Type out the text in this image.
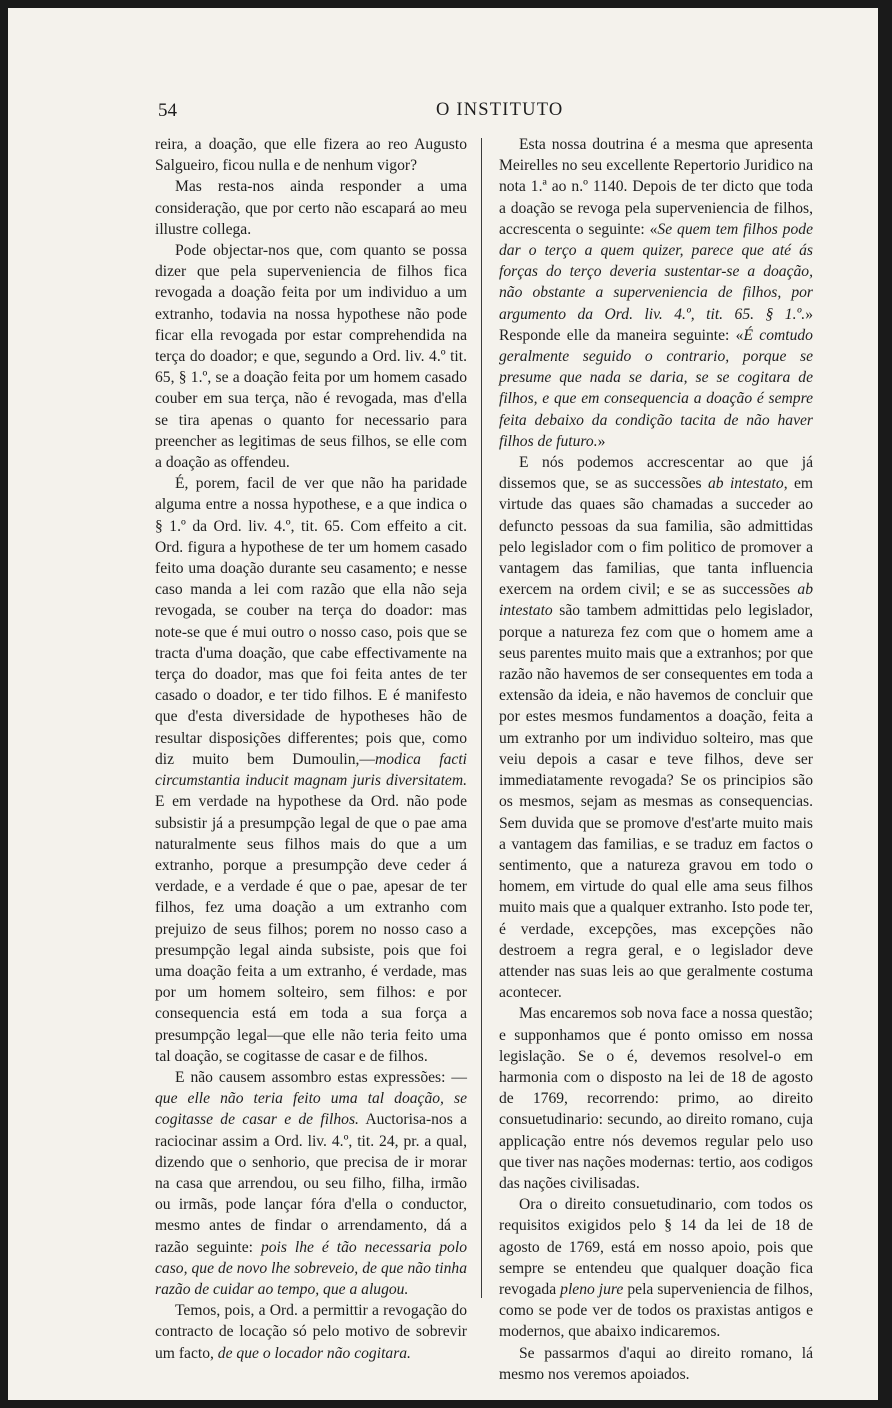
54	O INSTITUTO

reira, a doação, que elle fizera ao reo Augusto Salgueiro, ficou nulla e de nenhum vigor?

Mas resta-nos ainda responder a uma consideração, que por certo não escapará ao meu illustre collega.

Pode objectar-nos que, com quanto se possa dizer que pela superveniencia de filhos fica revogada a doação feita por um individuo a um extranho, todavia na nossa hypothese não pode ficar ella revogada por estar comprehendida na terça do doador; e que, segundo a Ord. liv. 4.º tit. 65, § 1.º, se a doação feita por um homem casado couber em sua terça, não é revogada, mas d'ella se tira apenas o quanto for necessario para preencher as legitimas de seus filhos, se elle com a doação as offendeu.

É, porem, facil de ver que não ha paridade alguma entre a nossa hypothese, e a que indica o § 1.º da Ord. liv. 4.º, tit. 65. Com effeito a cit. Ord. figura a hypothese de ter um homem casado feito uma doação durante seu casamento; e nesse caso manda a lei com razão que ella não seja revogada, se couber na terça do doador: mas note-se que é mui outro o nosso caso, pois que se tracta d'uma doação, que cabe effectivamente na terça do doador, mas que foi feita antes de ter casado o doador, e ter tido filhos. E é manifesto que d'esta diversidade de hypotheses hão de resultar disposições differentes; pois que, como diz muito bem Dumoulin,—modica facti circumstantia inducit magnam juris diversitatem. E em verdade na hypothese da Ord. não pode subsistir já a presumpção legal de que o pae ama naturalmente seus filhos mais do que a um extranho, porque a presumpção deve ceder á verdade, e a verdade é que o pae, apesar de ter filhos, fez uma doação a um extranho com prejuizo de seus filhos; porem no nosso caso a presumpção legal ainda subsiste, pois que foi uma doação feita a um extranho, é verdade, mas por um homem solteiro, sem filhos: e por consequencia está em toda a sua força a presumpção legal—que elle não teria feito uma tal doação, se cogitasse de casar e de filhos.

E não causem assombro estas expressões: —que elle não teria feito uma tal doação, se cogitasse de casar e de filhos. Auctorisa-nos a raciocinar assim a Ord. liv. 4.º, tit. 24, pr. a qual, dizendo que o senhorio, que precisa de ir morar na casa que arrendou, ou seu filho, filha, irmão ou irmãs, pode lançar fóra d'ella o conductor, mesmo antes de findar o arrendamento, dá a razão seguinte: pois lhe é tão necessaria polo caso, que de novo lhe sobreveio, de que não tinha razão de cuidar ao tempo, que a alugou.

Temos, pois, a Ord. a permittir a revogação do contracto de locação só pelo motivo de sobrevir um facto, de que o locador não cogitara.

Esta nossa doutrina é a mesma que apresenta Meirelles no seu excellente Repertorio Juridico na nota 1.ª ao n.º 1140. Depois de ter dicto que toda a doação se revoga pela superveniencia de filhos, accrescenta o seguinte: «Se quem tem filhos pode dar o terço a quem quizer, parece que até ás forças do terço deveria sustentar-se a doação, não obstante a superveniencia de filhos, por argumento da Ord. liv. 4.º, tit. 65. § 1.º.» Responde elle da maneira seguinte: «É comtudo geralmente seguido o contrario, porque se presume que nada se daria, se se cogitara de filhos, e que em consequencia a doação é sempre feita debaixo da condição tacita de não haver filhos de futuro.»

E nós podemos accrescentar ao que já dissemos que, se as successões ab intestato, em virtude das quaes são chamadas a succeder ao defuncto pessoas da sua familia, são admittidas pelo legislador com o fim politico de promover a vantagem das familias, que tanta influencia exercem na ordem civil; e se as successões ab intestato são tambem admittidas pelo legislador, porque a natureza fez com que o homem ame a seus parentes muito mais que a extranhos; por que razão não havemos de ser consequentes em toda a extensão da ideia, e não havemos de concluir que por estes mesmos fundamentos a doação, feita a um extranho por um individuo solteiro, mas que veiu depois a casar e teve filhos, deve ser immediatamente revogada? Se os principios são os mesmos, sejam as mesmas as consequencias. Sem duvida que se promove d'est'arte muito mais a vantagem das familias, e se traduz em factos o sentimento, que a natureza gravou em todo o homem, em virtude do qual elle ama seus filhos muito mais que a qualquer extranho. Isto pode ter, é verdade, excepções, mas excepções não destroem a regra geral, e o legislador deve attender nas suas leis ao que geralmente costuma acontecer.

Mas encaremos sob nova face a nossa questão; e supponhamos que é ponto omisso em nossa legislação. Se o é, devemos resolvel-o em harmonia com o disposto na lei de 18 de agosto de 1769, recorrendo: primo, ao direito consuetudinario: secundo, ao direito romano, cuja applicação entre nós devemos regular pelo uso que tiver nas nações modernas: tertio, aos codigos das nações civilisadas.

Ora o direito consuetudinario, com todos os requisitos exigidos pelo § 14 da lei de 18 de agosto de 1769, está em nosso apoio, pois que sempre se entendeu que qualquer doação fica revogada pleno jure pela superveniencia de filhos, como se pode ver de todos os praxistas antigos e modernos, que abaixo indicaremos.

Se passarmos d'aqui ao direito romano, lá mesmo nos veremos apoiados.
